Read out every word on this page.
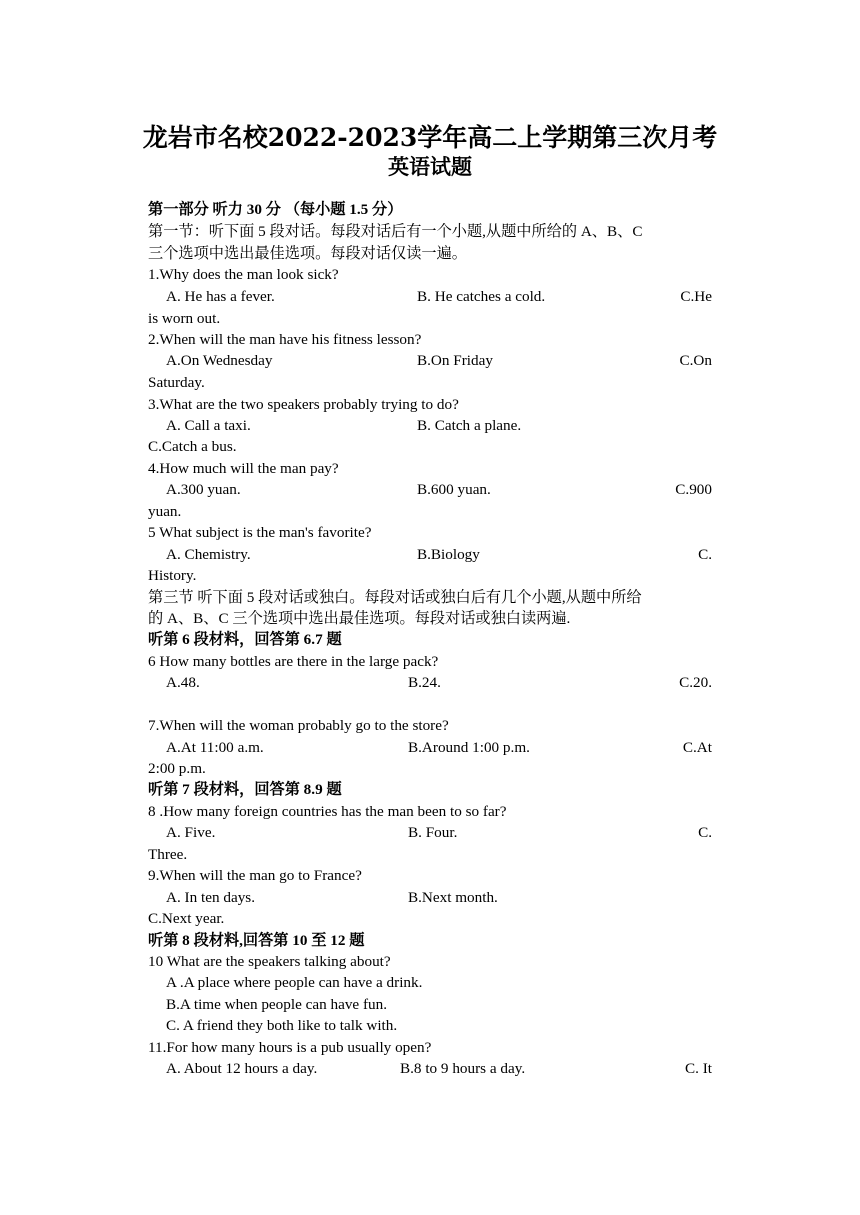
龙岩市名校2022-2023学年高二上学期第三次月考
英语试题
第一部分 听力 30 分 （每小题 1.5 分）
第一节：听下面 5 段对话。每段对话后有一个小题,从题中所给的 A、B、C
三个选项中选出最佳选项。每段对话仅读一遍。
1.Why does the man look sick?
A. He has a fever.	B. He catches a cold.	C.He
is worn out.
2.When will the man have his fitness lesson?
A.On Wednesday	B.On Friday	C.On
Saturday.
3.What are the two speakers probably trying to do?
A. Call a taxi.	B. Catch a plane.
C.Catch a bus.
4.How much will the man pay?
A.300 yuan.	B.600 yuan.	C.900
yuan.
5 What subject is the man's favorite?
A. Chemistry.	B.Biology	C.
History.
第三节 听下面 5 段对话或独白。每段对话或独白后有几个小题,从题中所给
的 A、B、C 三个选项中选出最佳选项。每段对话或独白读两遍.
听第 6 段材料，回答第 6.7 题
6 How many bottles are there in the large pack?
A.48.	B.24.	C.20.
7.When will the woman probably go to the store?
A.At 11:00 a.m.	B.Around 1:00 p.m.	C.At
2:00 p.m.
听第 7 段材料，回答第 8.9 题
8 .How many foreign countries has the man been to so far?
A. Five.	B. Four.	C.
Three.
9.When will the man go to France?
A. In ten days.	B.Next month.
C.Next year.
听第 8 段材料,回答第 10 至 12 题
10 What are the speakers talking about?
A .A place where people can have a drink.
B.A time when people can have fun.
C. A friend they both like to talk with.
11.For how many hours is a pub usually open?
A. About 12 hours a day.	B.8 to 9 hours a day.	C. It
